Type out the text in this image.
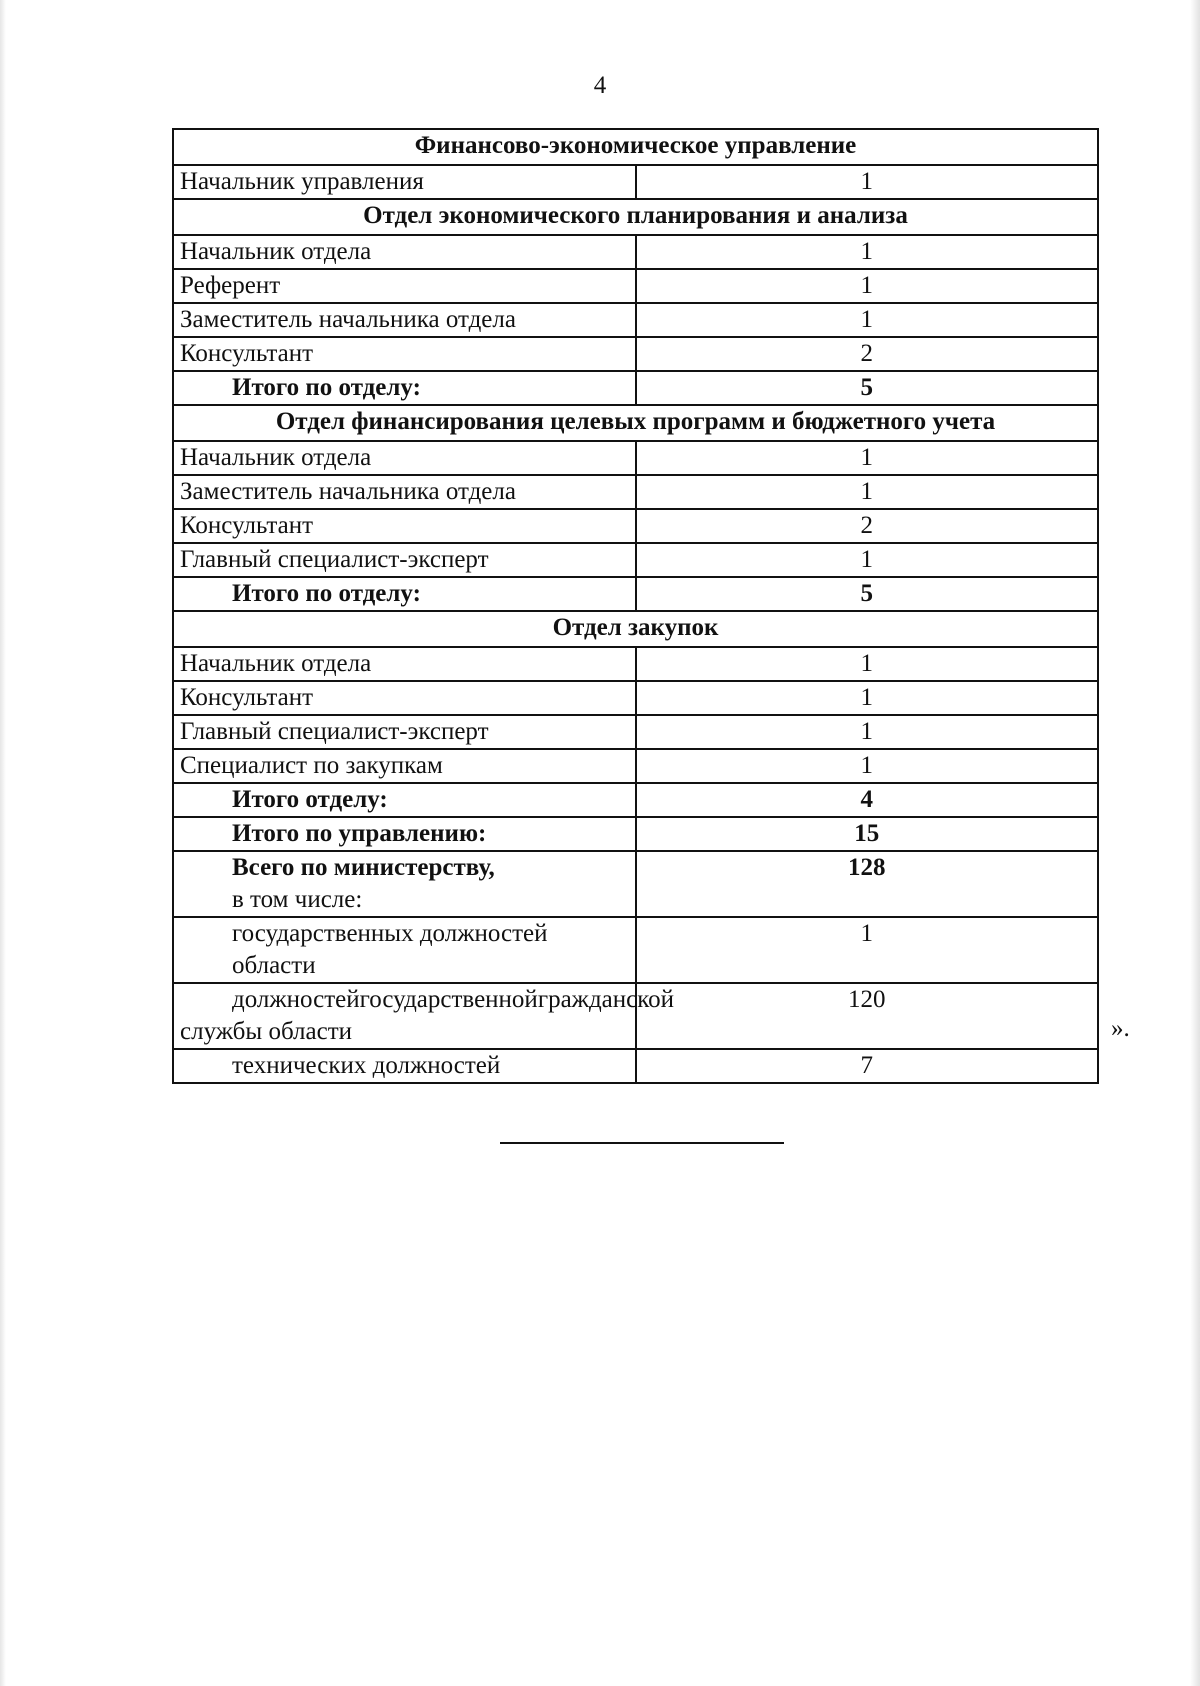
4
Финансово-экономическое управление	
Начальник управления	1
Отдел экономического планирования и анализа	
Начальник отдела	1
Референт	1
Заместитель начальника отдела	1
Консультант	2
Итого по отделу:	5
Отдел финансирования целевых программ и бюджетного учета	
Начальник отдела	1
Заместитель начальника отдела	1
Консультант	2
Главный специалист-эксперт	1
Итого по отделу:	5
Отдел закупок	
Начальник отдела	1
Консультант	1
Главный специалист-эксперт	1
Специалист по закупкам	1
Итого отделу:	4
Итого по управлению:	15

Всего по министерству,
в том числе:	128
государственных должностей области	1

должностей государственной гражданской
службы области	120
технических должностей	7
».
